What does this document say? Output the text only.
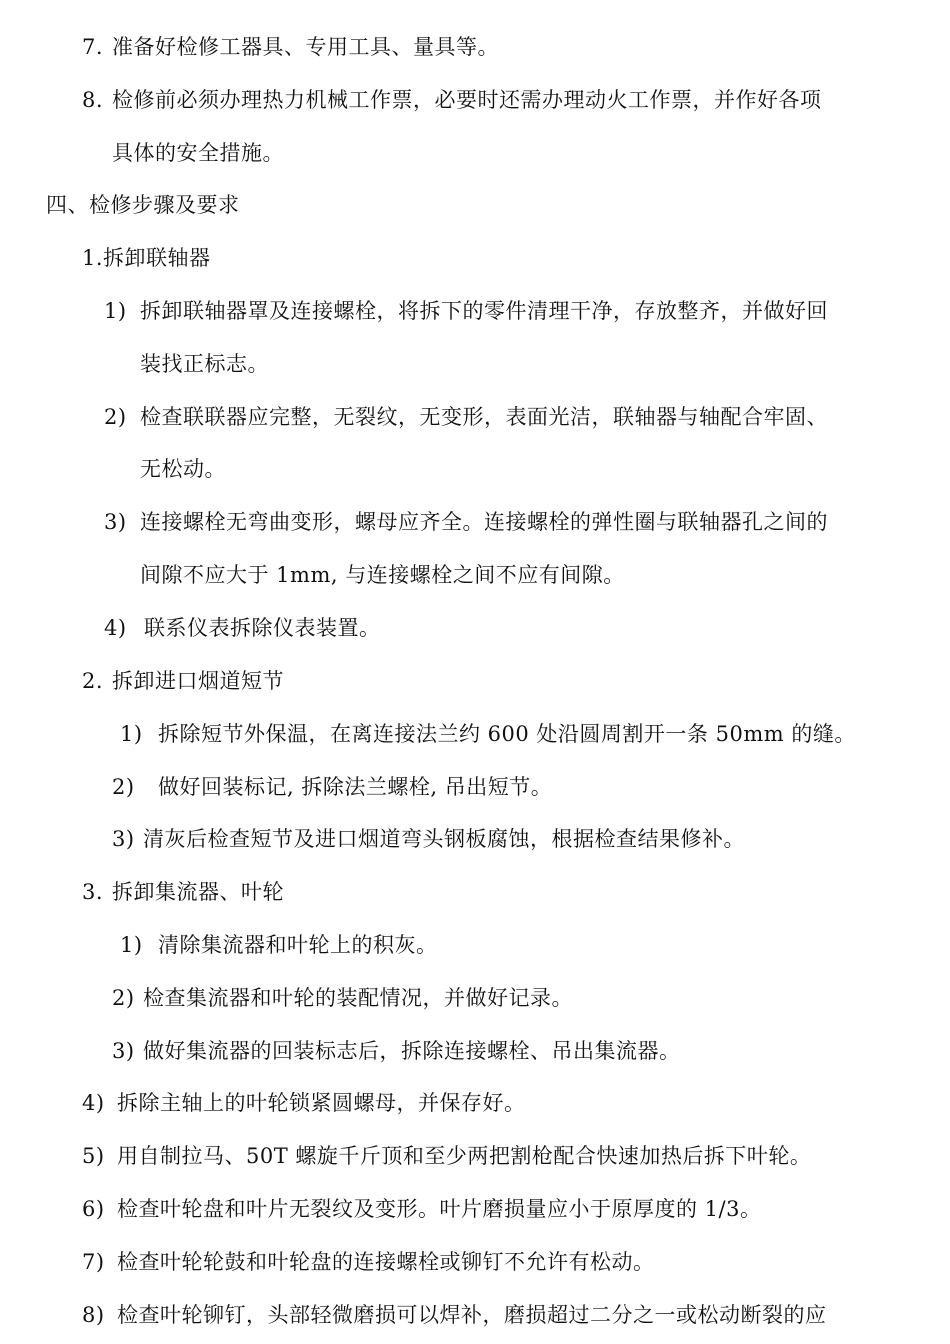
7. 准备好检修工器具、专用工具、量具等。
8. 检修前必须办理热力机械工作票，必要时还需办理动火工作票，并作好各项
具体的安全措施。
四、检修步骤及要求
1.拆卸联轴器
1) 拆卸联轴器罩及连接螺栓，将拆下的零件清理干净，存放整齐，并做好回
装找正标志。
2) 检查联联器应完整，无裂纹，无变形，表面光洁，联轴器与轴配合牢固、
无松动。
3) 连接螺栓无弯曲变形，螺母应齐全。连接螺栓的弹性圈与联轴器孔之间的
间隙不应大于 1mm, 与连接螺栓之间不应有间隙。
4) 联系仪表拆除仪表装置。
2. 拆卸进口烟道短节
1) 拆除短节外保温，在离连接法兰约 600 处沿圆周割开一条 50mm 的缝。
2) 做好回装标记, 拆除法兰螺栓, 吊出短节。
3) 清灰后检查短节及进口烟道弯头钢板腐蚀，根据检查结果修补。
3. 拆卸集流器、叶轮
1) 清除集流器和叶轮上的积灰。
2) 检查集流器和叶轮的装配情况，并做好记录。
3) 做好集流器的回装标志后，拆除连接螺栓、吊出集流器。
4) 拆除主轴上的叶轮锁紧圆螺母，并保存好。
5) 用自制拉马、50T 螺旋千斤顶和至少两把割枪配合快速加热后拆下叶轮。
6) 检查叶轮盘和叶片无裂纹及变形。叶片磨损量应小于原厚度的 1/3。
7) 检查叶轮轮鼓和叶轮盘的连接螺栓或铆钉不允许有松动。
8) 检查叶轮铆钉，头部轻微磨损可以焊补，磨损超过二分之一或松动断裂的应
